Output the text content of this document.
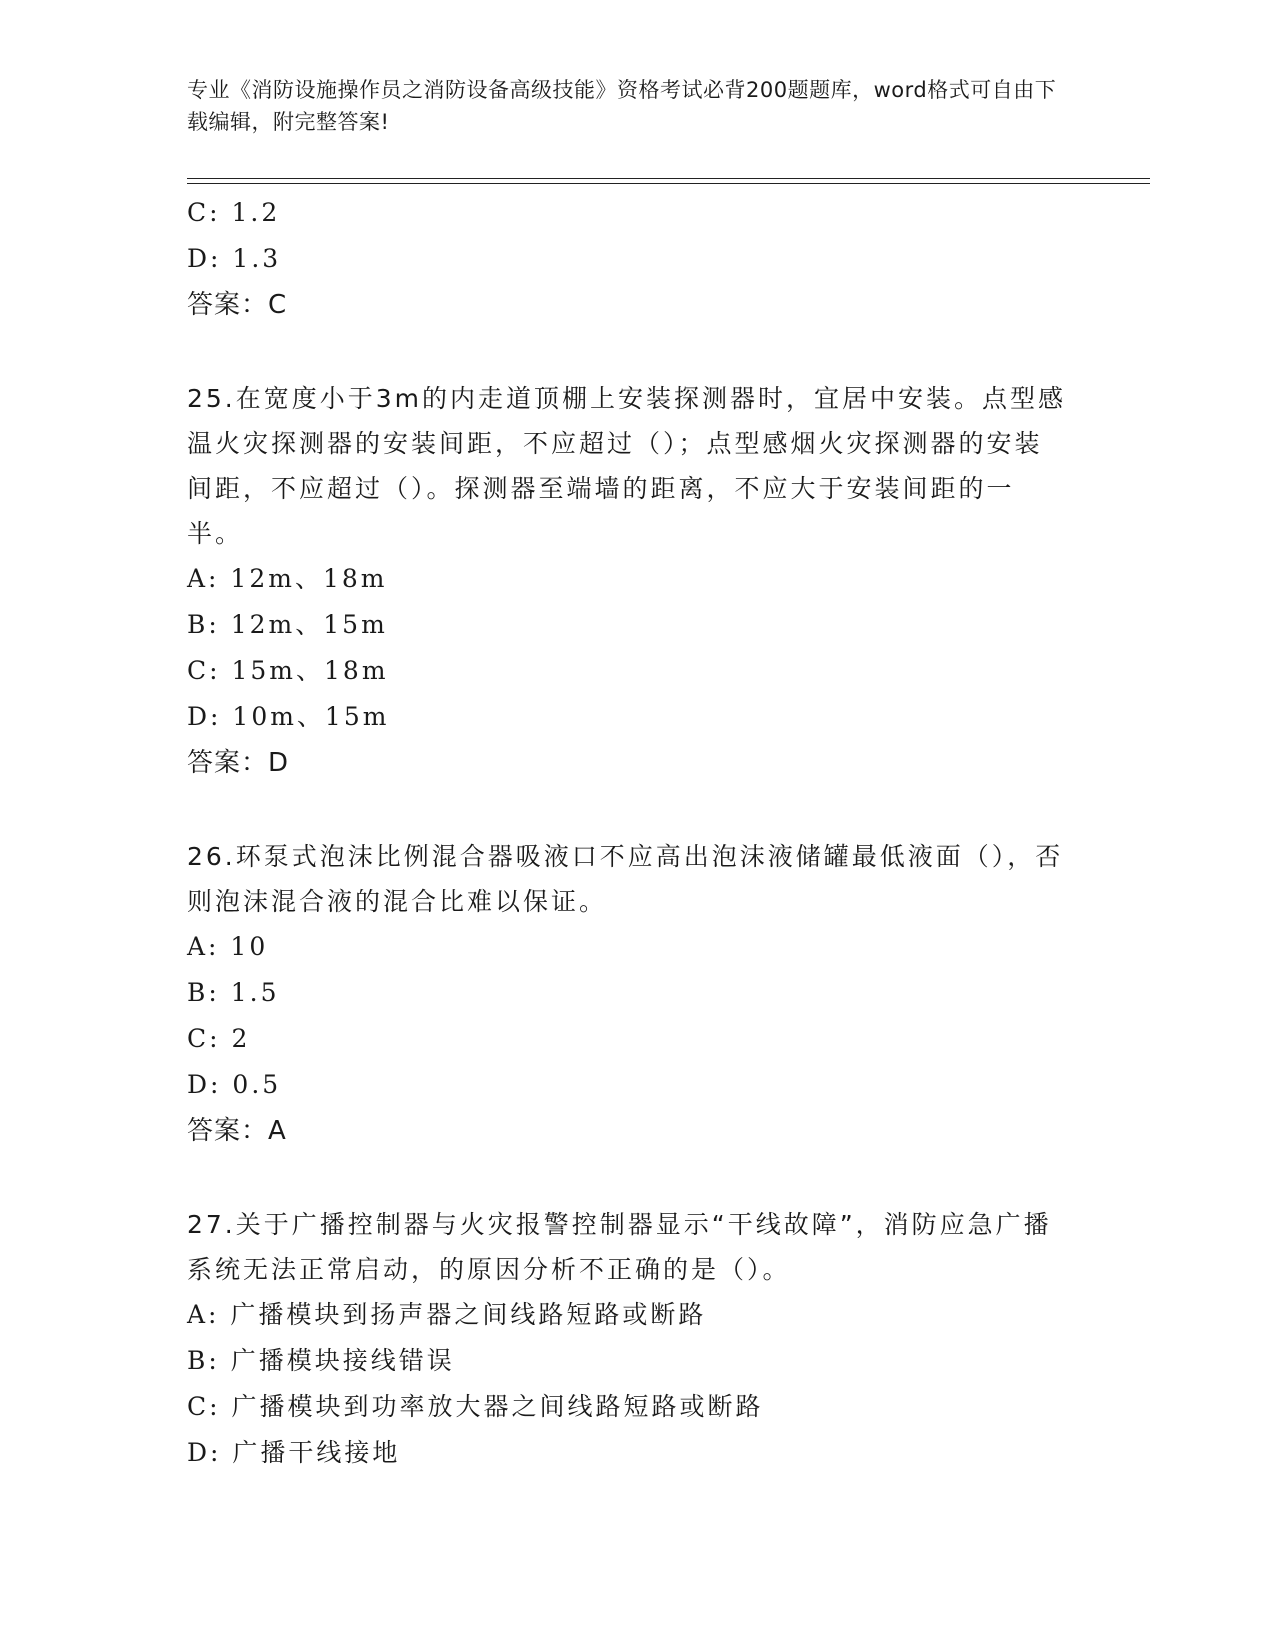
专业《消防设施操作员之消防设备高级技能》资格考试必背200题题库，word格式可自由下载编辑，附完整答案!
C: 1.2
D: 1.3
答案：C
25.在宽度小于3m的内走道顶棚上安装探测器时，宜居中安装。点型感温火灾探测器的安装间距，不应超过（）；点型感烟火灾探测器的安装间距，不应超过（）。探测器至端墙的距离，不应大于安装间距的一半。
A: 12m、18m
B: 12m、15m
C: 15m、18m
D: 10m、15m
答案：D
26.环泵式泡沫比例混合器吸液口不应高出泡沫液储罐最低液面（），否则泡沫混合液的混合比难以保证。
A: 10
B: 1.5
C: 2
D: 0.5
答案：A
27.关于广播控制器与火灾报警控制器显示“干线故障”，消防应急广播系统无法正常启动，的原因分析不正确的是（）。
A: 广播模块到扬声器之间线路短路或断路
B: 广播模块接线错误
C: 广播模块到功率放大器之间线路短路或断路
D: 广播干线接地
